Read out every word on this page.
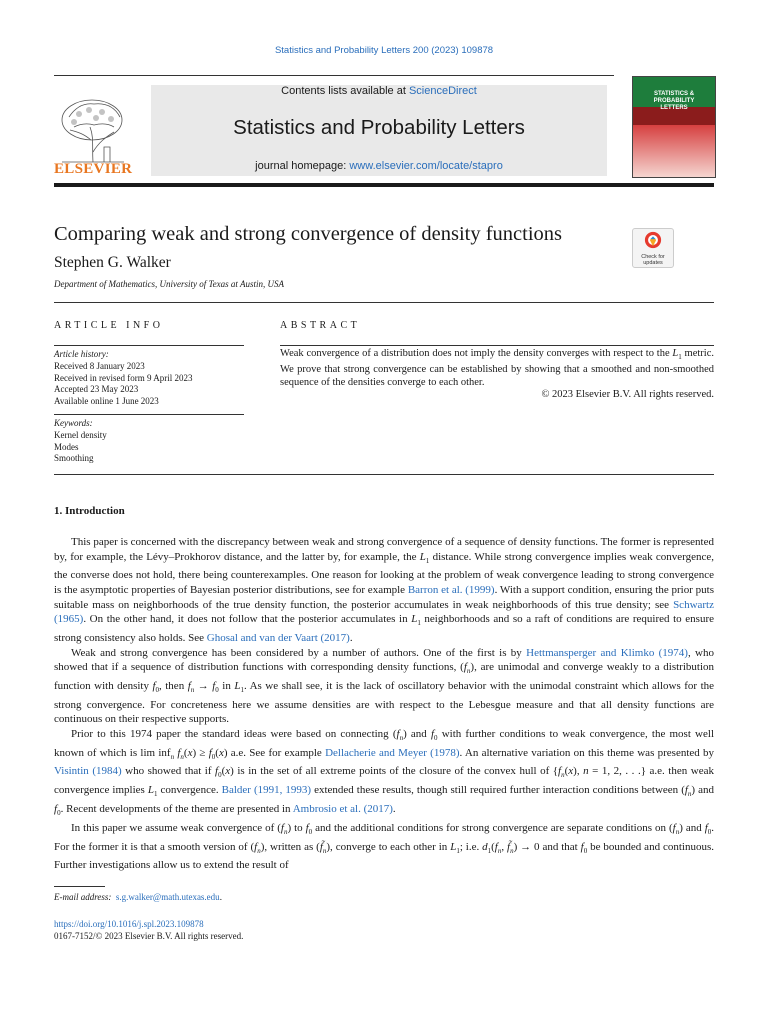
Statistics and Probability Letters 200 (2023) 109878
ELSEVIER
Contents lists available at ScienceDirect
Statistics and Probability Letters
journal homepage: www.elsevier.com/locate/stapro
STATISTICS &
PROBABILITY
LETTERS
Comparing weak and strong convergence of density functions
Stephen G. Walker
Department of Mathematics, University of Texas at Austin, USA
Check for
updates
ARTICLE INFO	ABSTRACT
Article history:
Received 8 January 2023
Received in revised form 9 April 2023
Accepted 23 May 2023
Available online 1 June 2023
Keywords:
Kernel density
Modes
Smoothing
Weak convergence of a distribution does not imply the density converges with respect to the $L_1$ metric. We prove that strong convergence can be established by showing that a smoothed and non-smoothed sequence of the densities converge to each other.
© 2023 Elsevier B.V. All rights reserved.
1. Introduction

This paper is concerned with the discrepancy between weak and strong convergence of a sequence of density functions. The former is represented by, for example, the Lévy–Prokhorov distance, and the latter by, for example, the $L_1$ distance. While strong convergence implies weak convergence, the converse does not hold, there being counterexamples. One reason for looking at the problem of weak convergence leading to strong convergence is the asymptotic properties of Bayesian posterior distributions, see for example Barron et al. (1999). With a support condition, ensuring the prior puts suitable mass on neighborhoods of the true density function, the posterior accumulates in weak neighborhoods of this true density; see Schwartz (1965). On the other hand, it does not follow that the posterior accumulates in $L_1$ neighborhoods and so a raft of conditions are required to ensure strong consistency also holds. See Ghosal and van der Vaart (2017).

Weak and strong convergence has been considered by a number of authors. One of the first is by Hettmansperger and Klimko (1974), who showed that if a sequence of distribution functions with corresponding density functions, $(f_n)$, are unimodal and converge weakly to a distribution function with density $f_0$, then $f_n \to f_0$ in $L_1$. As we shall see, it is the lack of oscillatory behavior with the unimodal constraint which allows for the strong convergence. For concreteness here we assume densities are with respect to the Lebesgue measure and that all density functions are continuous on their respective supports.

Prior to this 1974 paper the standard ideas were based on connecting $(f_n)$ and $f_0$ with further conditions to weak convergence, the most well known of which is lim inf$_n$ $f_n(x) \ge f_0(x)$ a.e. See for example Dellacherie and Meyer (1978). An alternative variation on this theme was presented by Visintin (1984) who showed that if $f_0(x)$ is in the set of all extreme points of the closure of the convex hull of {$f_n(x)$, n = 1, 2, . . .} a.e. then weak convergence implies $L_1$ convergence. Balder (1991, 1993) extended these results, though still required further interaction conditions between $(f_n)$ and $f_0$. Recent developments of the theme are presented in Ambrosio et al. (2017).

In this paper we assume weak convergence of $(f_n)$ to $f_0$ and the additional conditions for strong convergence are separate conditions on $(f_n)$ and $f_0$. For the former it is that a smooth version of $(f_n)$, written as $(f̃_n)$, converge to each other in $L_1$; i.e. $d_1(f_n$, $f̃_n) \to 0$ and that $f_0$ be bounded and continuous. Further investigations allow us to extend the result of

E-mail address: s.g.walker@math.utexas.edu.
https://doi.org/10.1016/j.spl.2023.109878
0167-7152/© 2023 Elsevier B.V. All rights reserved.
